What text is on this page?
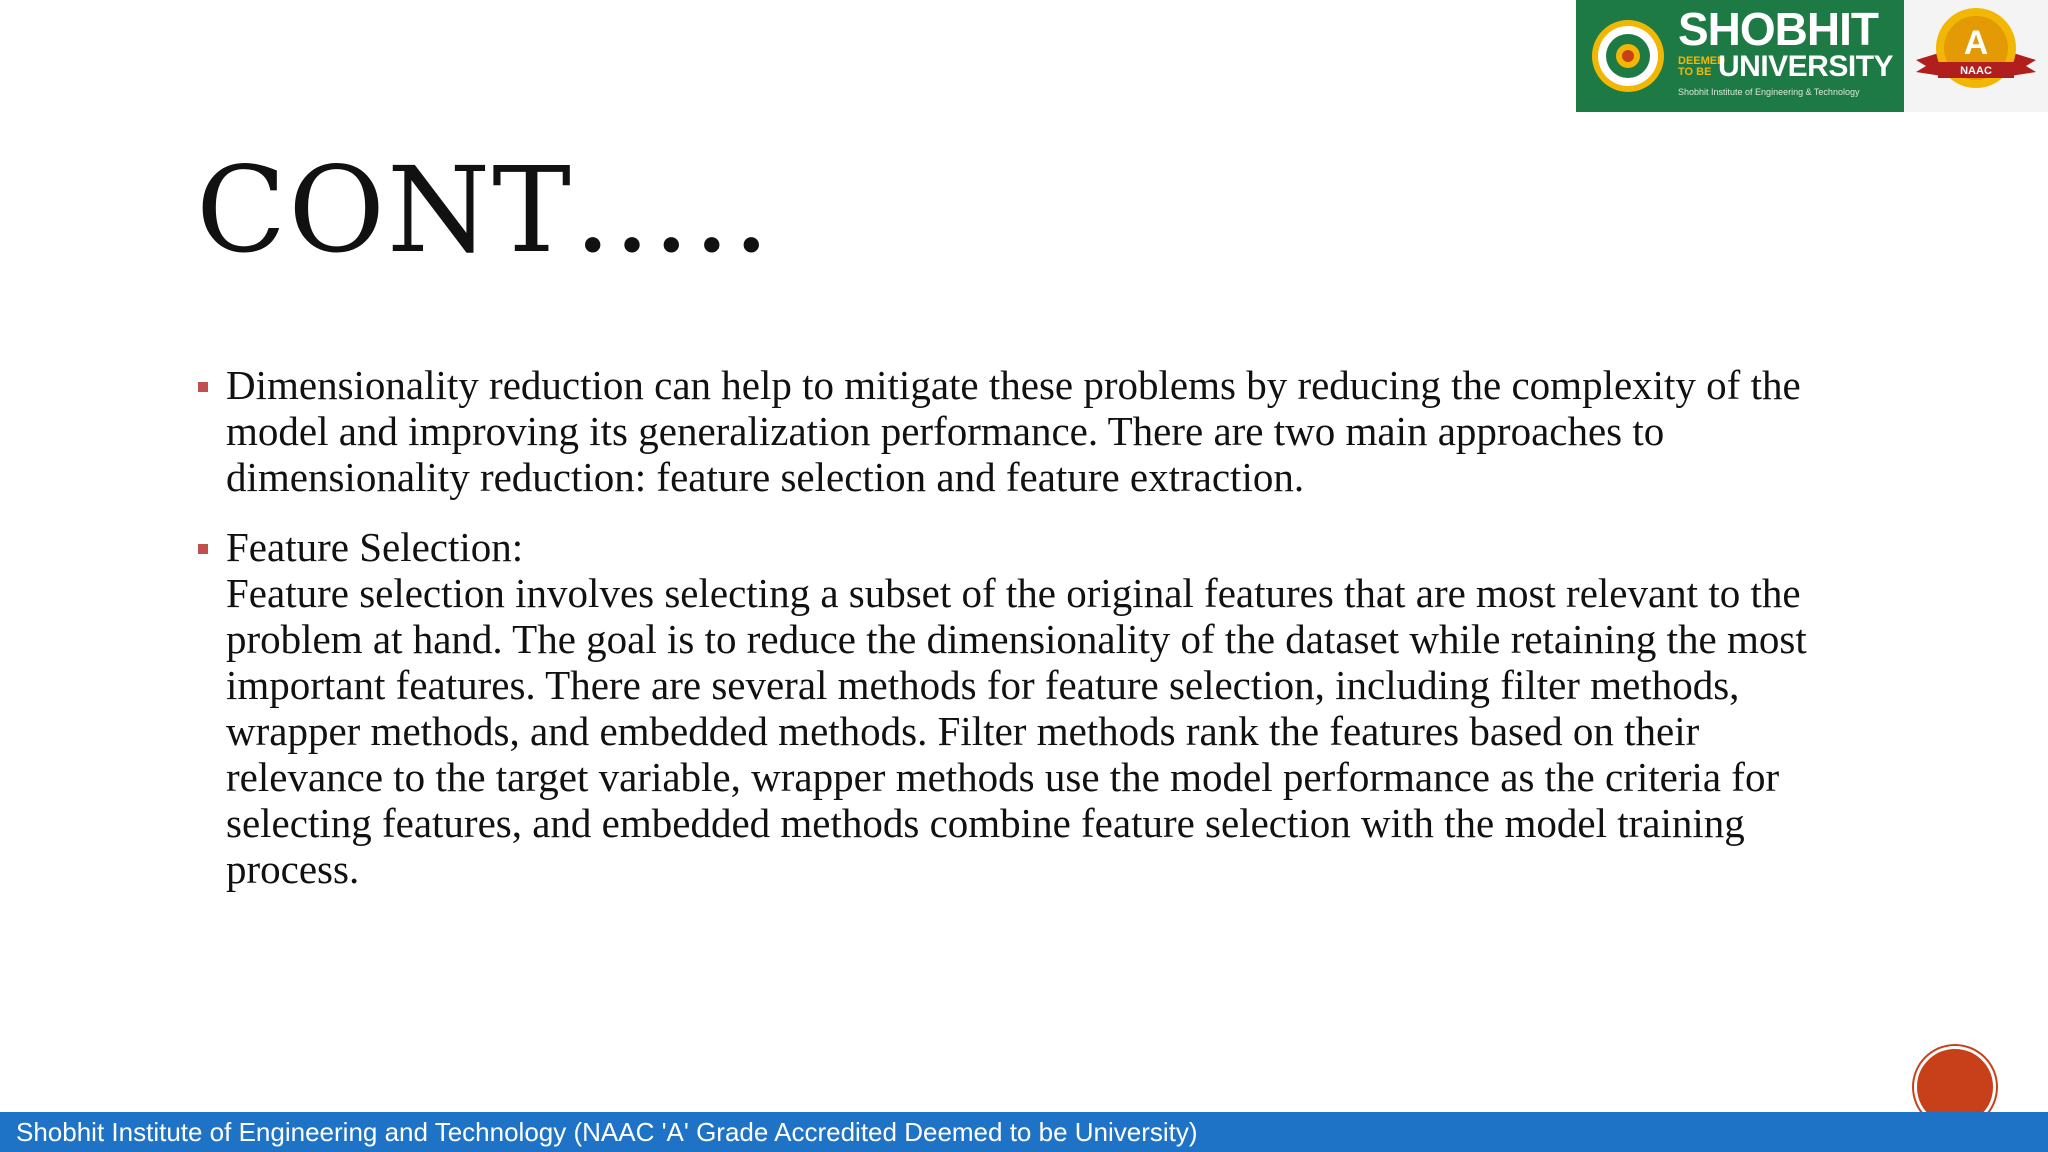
SHOBHIT
DEEMED TO BE UNIVERSITY
Shobhit Institute of Engineering & Technology
A
NAAC
CONT…..
Dimensionality reduction can help to mitigate these problems by reducing the complexity of the model and improving its generalization performance. There are two main approaches to dimensionality reduction: feature selection and feature extraction.
Feature Selection:
Feature selection involves selecting a subset of the original features that are most relevant to the problem at hand. The goal is to reduce the dimensionality of the dataset while retaining the most important features. There are several methods for feature selection, including filter methods, wrapper methods, and embedded methods. Filter methods rank the features based on their relevance to the target variable, wrapper methods use the model performance as the criteria for selecting features, and embedded methods combine feature selection with the model training process.
Shobhit Institute of Engineering and Technology (NAAC 'A' Grade Accredited Deemed to be University)
